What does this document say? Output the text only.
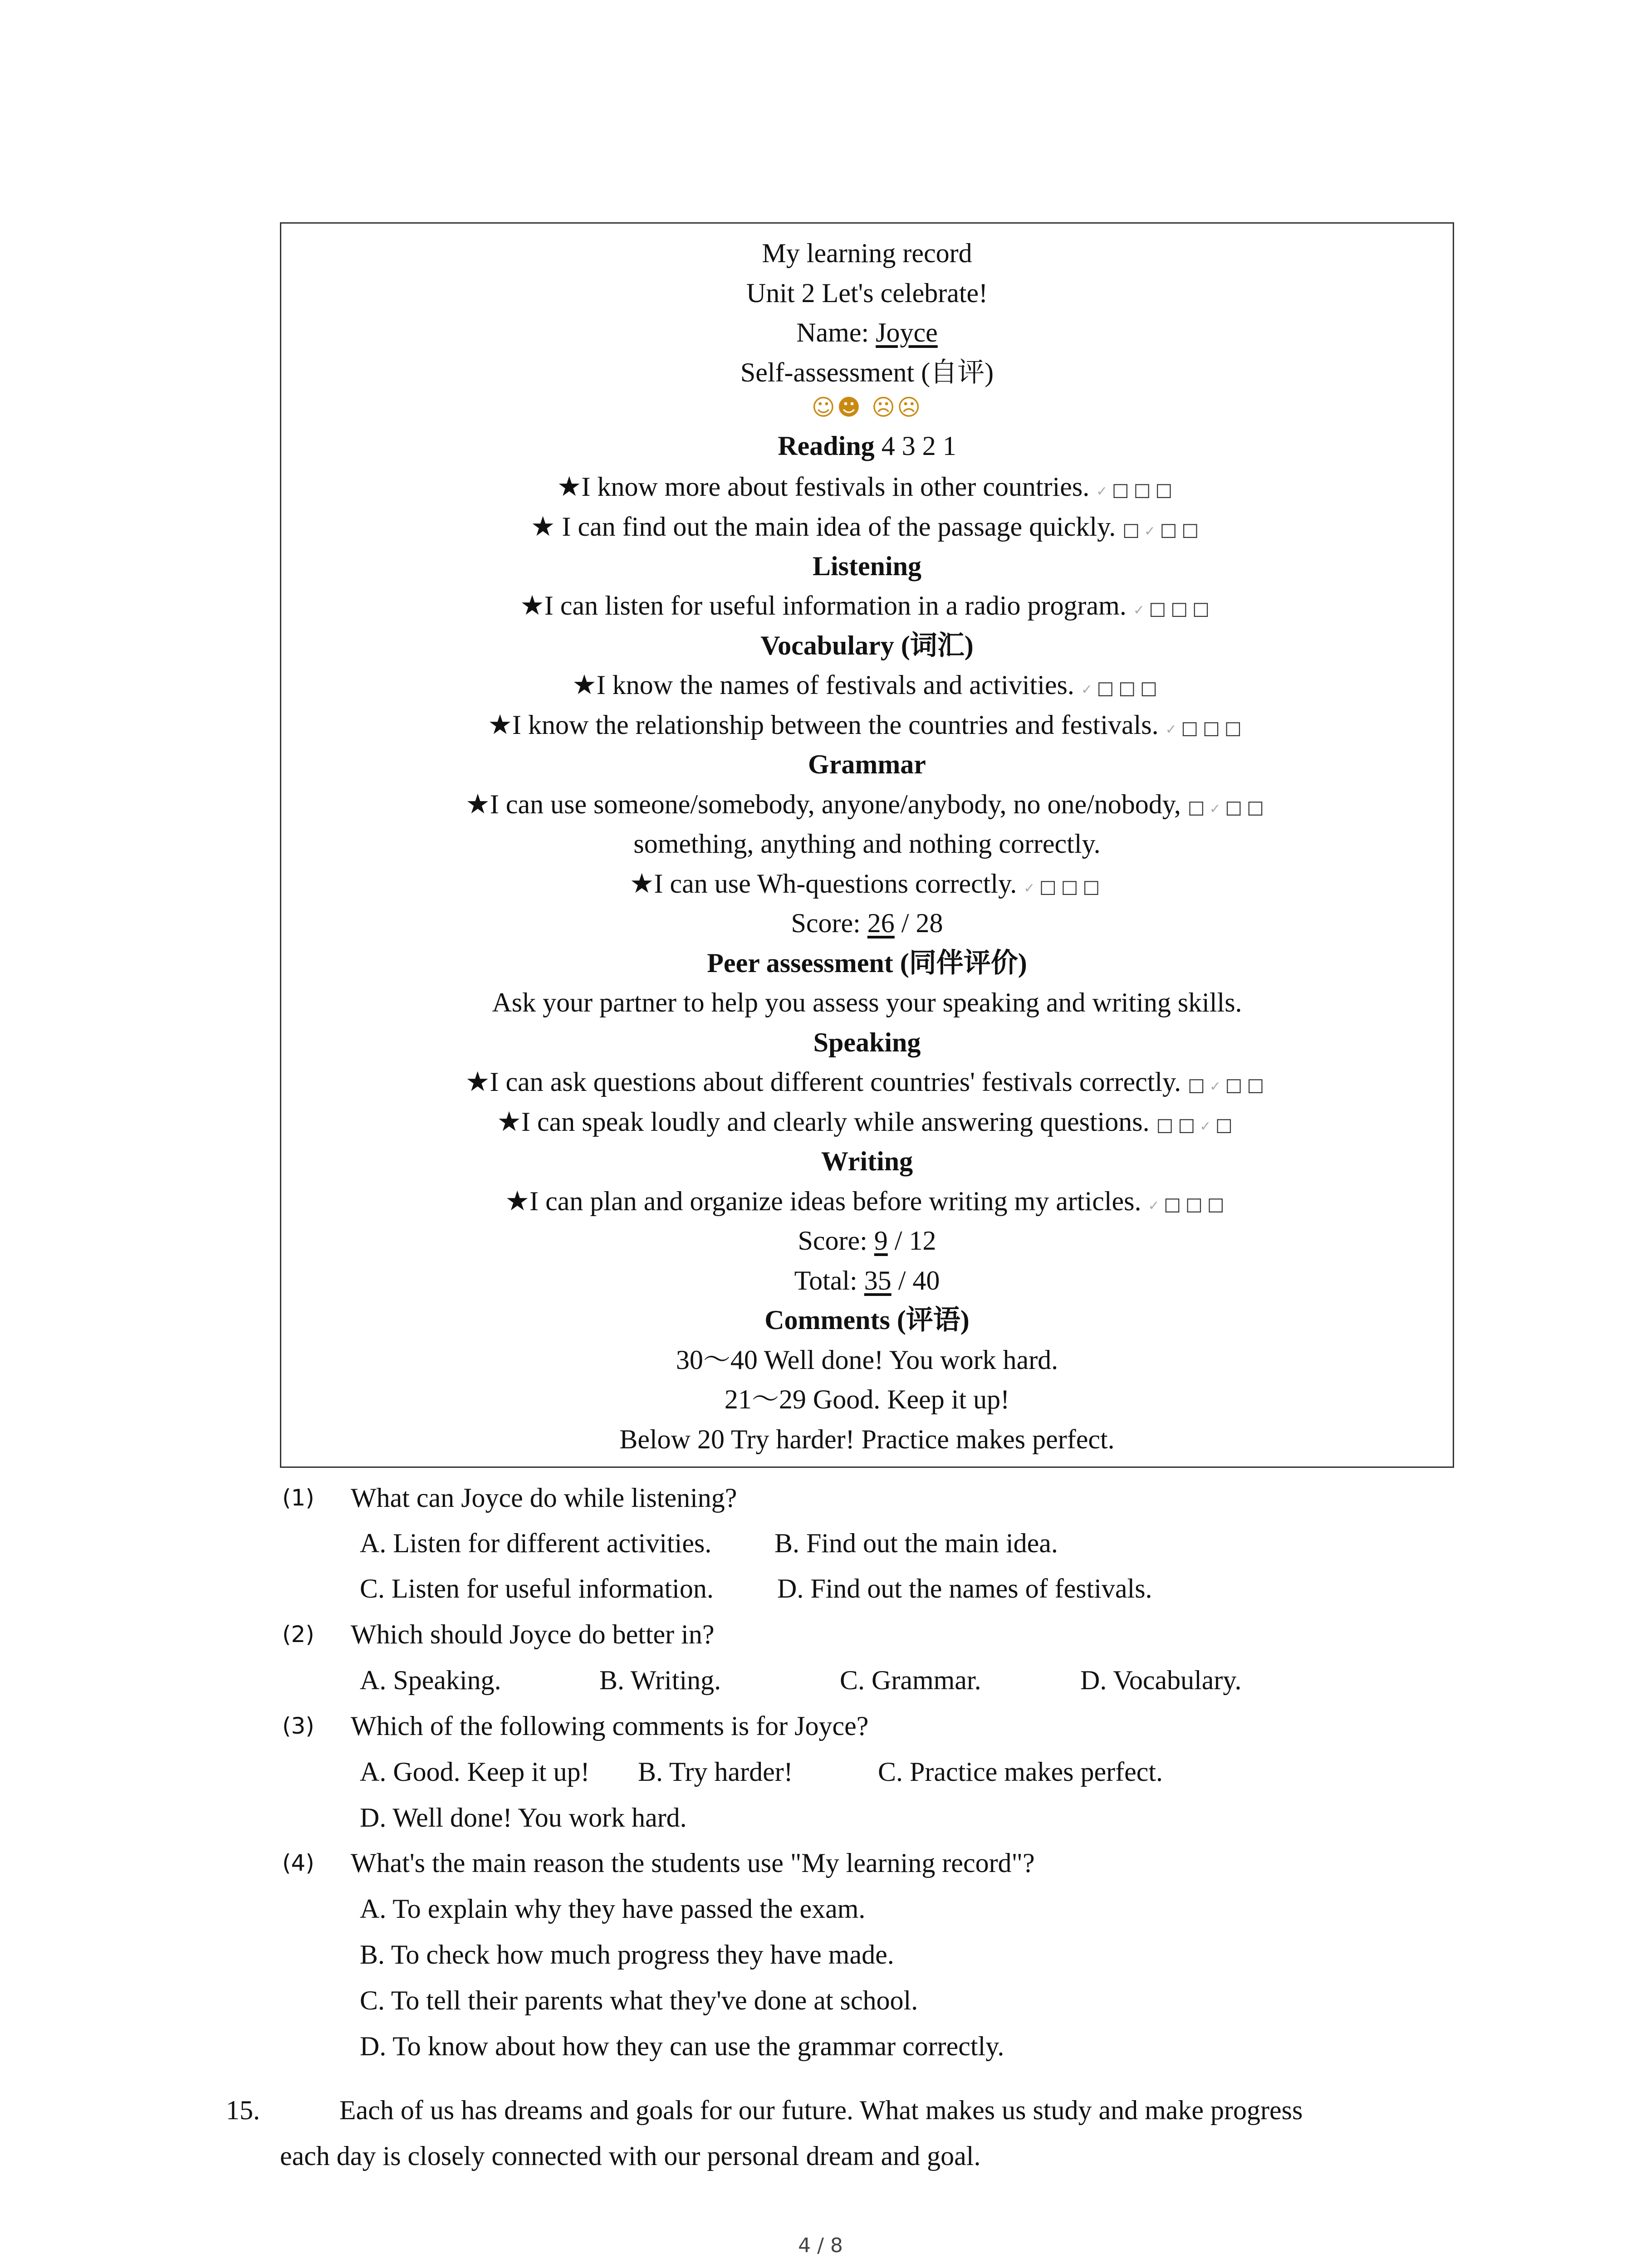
My learning record
Unit 2 Let's celebrate!
Name: Joyce
Self-assessment (自评)
☺☻ ☹☹
Reading 4 3 2 1
★I know more about festivals in other countries. ✓ □□□
★ I can find out the main idea of the passage quickly. □✓ □□
Listening
★I can listen for useful information in a radio program. ✓ □□□
Vocabulary (词汇)
★I know the names of festivals and activities. ✓ □□□
★I know the relationship between the countries and festivals. ✓ □□□
Grammar
★I can use someone/somebody, anyone/anybody, no one/nobody, □✓ □□
something, anything and nothing correctly.
★I can use Wh-questions correctly. ✓ □□□
Score: 26 / 28
Peer assessment (同伴评价)
Ask your partner to help you assess your speaking and writing skills.
Speaking
★I can ask questions about different countries' festivals correctly. □✓ □□
★I can speak loudly and clearly while answering questions. □□✓ □
Writing
★I can plan and organize ideas before writing my articles. ✓ □□□
Score: 9 / 12
Total: 35 / 40
Comments (评语)
30～40 Well done! You work hard.
21～29 Good. Keep it up!
Below 20 Try harder! Practice makes perfect.
(1) What can Joyce do while listening?
A. Listen for different activities. B. Find out the main idea.
C. Listen for useful information. D. Find out the names of festivals.
(2) Which should Joyce do better in?
A. Speaking.	B. Writing.	C. Grammar.	D. Vocabulary.
(3) Which of the following comments is for Joyce?
A. Good. Keep it up! B. Try harder!	C. Practice makes perfect.
D. Well done! You work hard.
(4) What's the main reason the students use "My learning record"?
A. To explain why they have passed the exam.
B. To check how much progress they have made.
C. To tell their parents what they've done at school.
D. To know about how they can use the grammar correctly.
15.	Each of us has dreams and goals for our future. What makes us study and make progress
each day is closely connected with our personal dream and goal.
4 / 8
